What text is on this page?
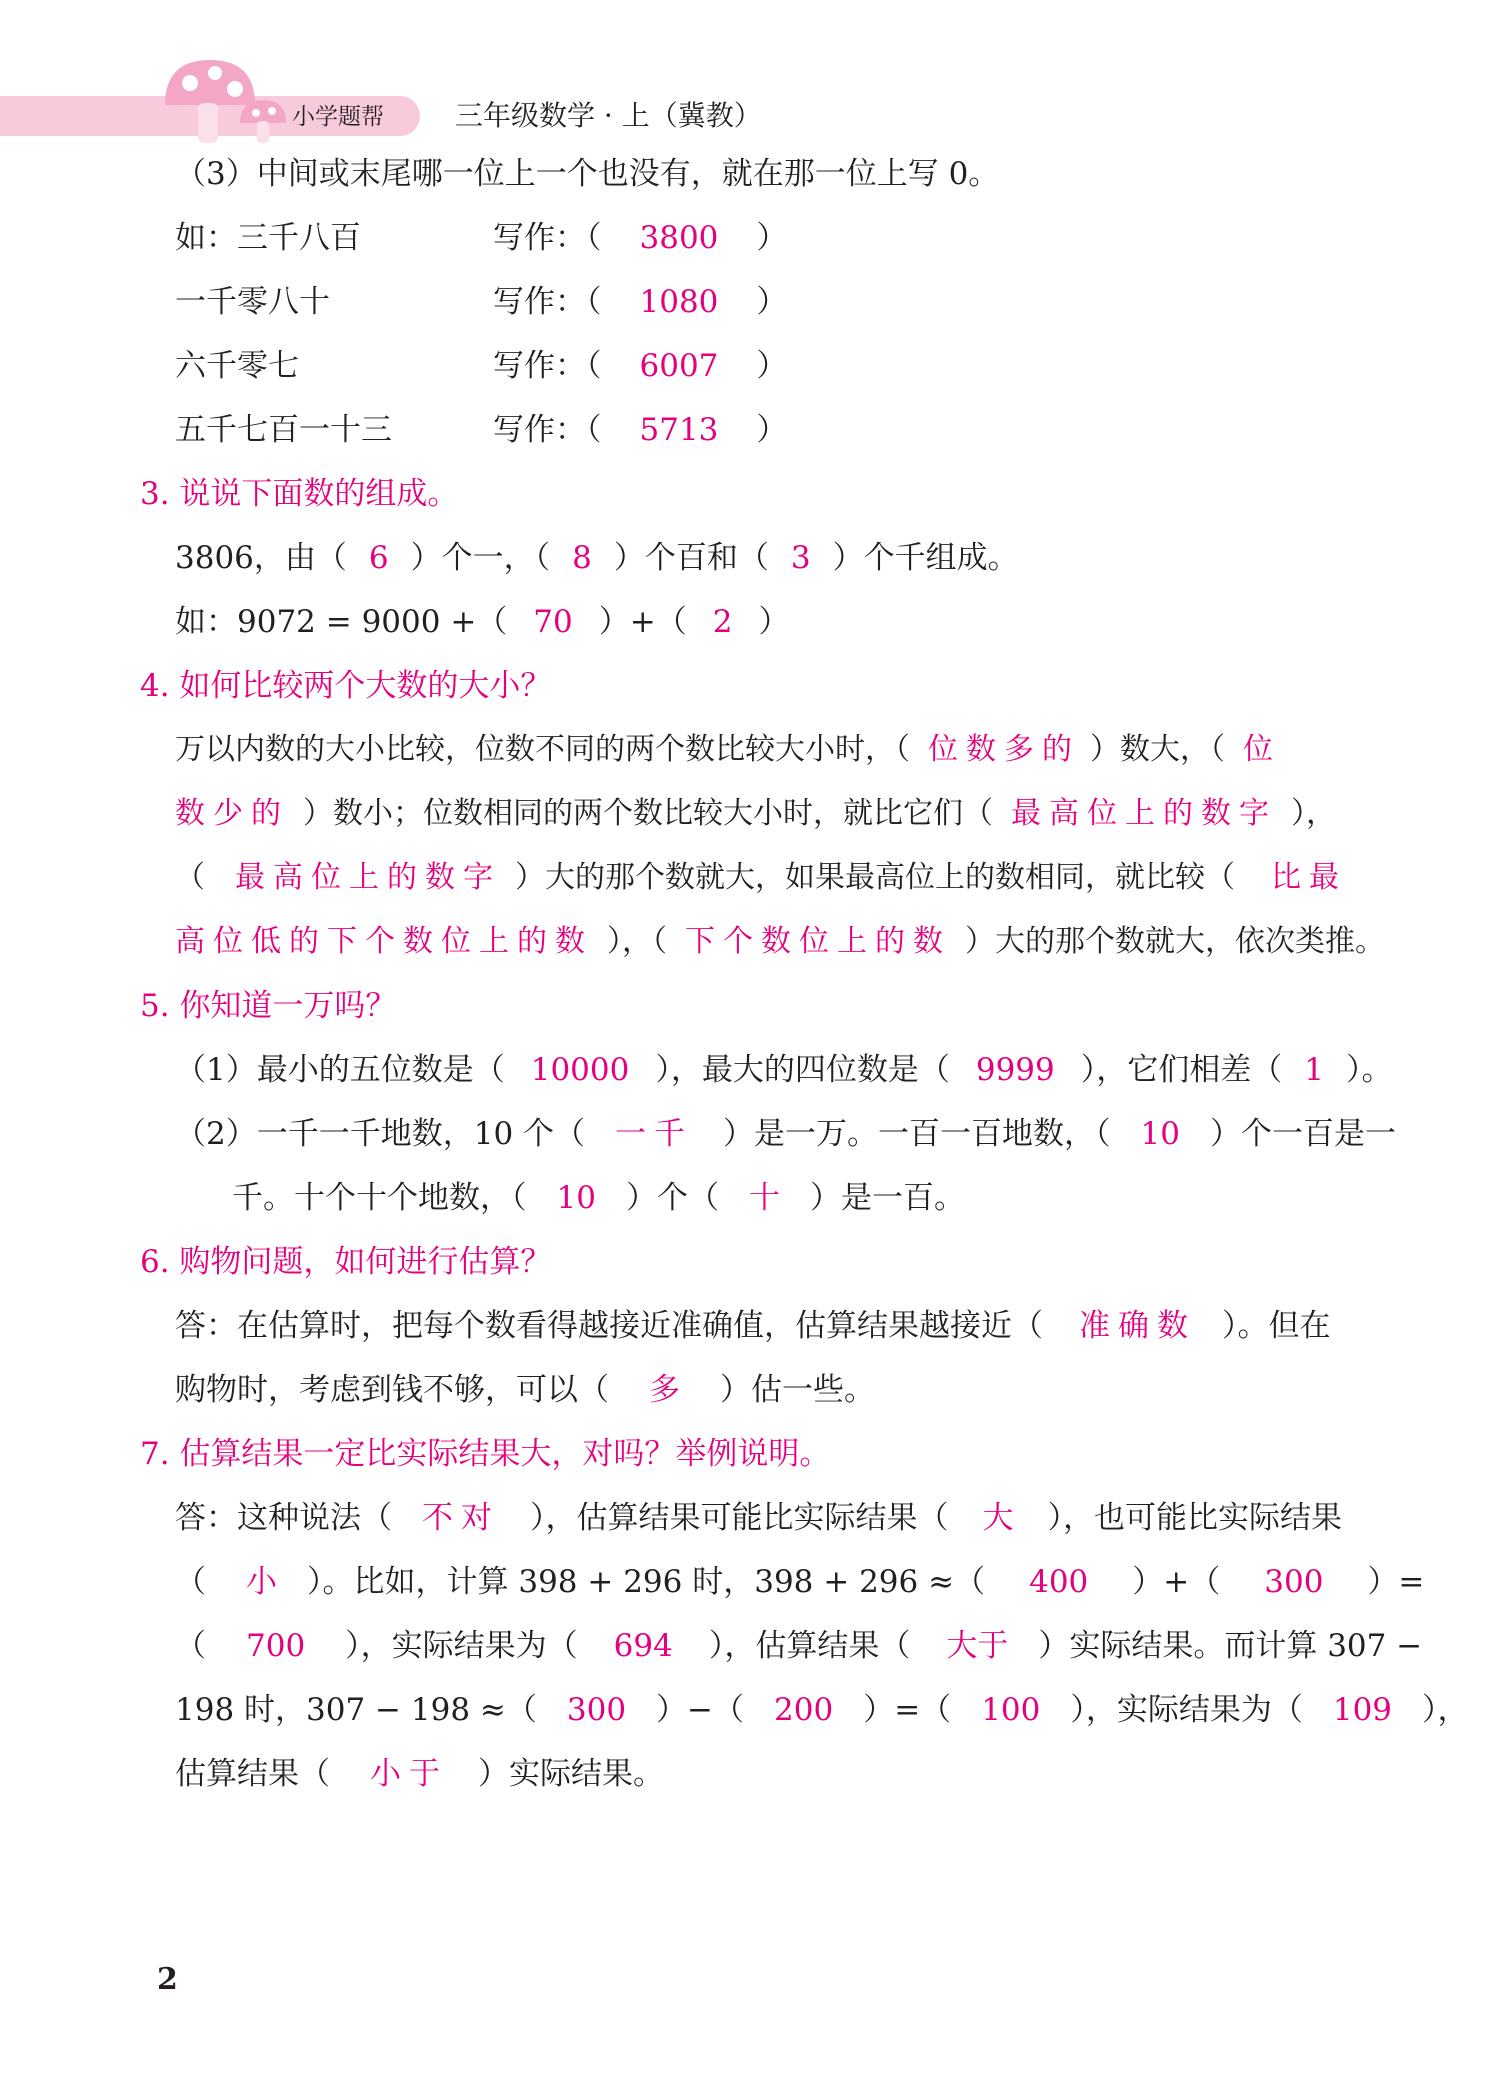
小学题帮	三年级数学 · 上（冀教）
（3）中间或末尾哪一位上一个也没有，就在那一位上写 0。
如：三千八百	写作：（ 3800 ）
一千零八十	写作：（ 1080 ）
六千零七	写作：（ 6007 ）
五千七百一十三	写作：（ 5713 ）
3. 说说下面数的组成。
3806，由（ 6 ）个一，（ 8 ）个百和（ 3 ）个千组成。
如：9072 = 9000 +（ 70 ）+（ 2 ）
4. 如何比较两个大数的大小？
万以内数的大小比较，位数不同的两个数比较大小时，（ 位数多的 ）数大，（ 位
数少的 ）数小；位数相同的两个数比较大小时，就比它们（ 最高位上的数字 ），
（ 最高位上的数字 ）大的那个数就大，如果最高位上的数相同，就比较（ 比最
高位低的下个数位上的数 ），（ 下个数位上的数 ）大的那个数就大，依次类推。
5. 你知道一万吗？
（1）最小的五位数是（ 10000 ），最大的四位数是（ 9999 ），它们相差（ 1 ）。
（2）一千一千地数，10 个（ 一千 ）是一万。一百一百地数，（ 10 ）个一百是一
千。十个十个地数，（ 10 ）个（ 十 ）是一百。
6. 购物问题，如何进行估算？
答：在估算时，把每个数看得越接近准确值，估算结果越接近（ 准确数 ）。但在
购物时，考虑到钱不够，可以（ 多 ）估一些。
7. 估算结果一定比实际结果大，对吗？举例说明。
答：这种说法（ 不对 ），估算结果可能比实际结果（ 大 ），也可能比实际结果
（ 小 ）。比如，计算 398 + 296 时，398 + 296 ≈（ 400 ）+（ 300 ）=
（ 700 ），实际结果为（ 694 ），估算结果（ 大于 ）实际结果。而计算 307 −
198 时，307 − 198 ≈（ 300 ）−（ 200 ）=（ 100 ），实际结果为（ 109 ），
估算结果（ 小于 ）实际结果。
2
